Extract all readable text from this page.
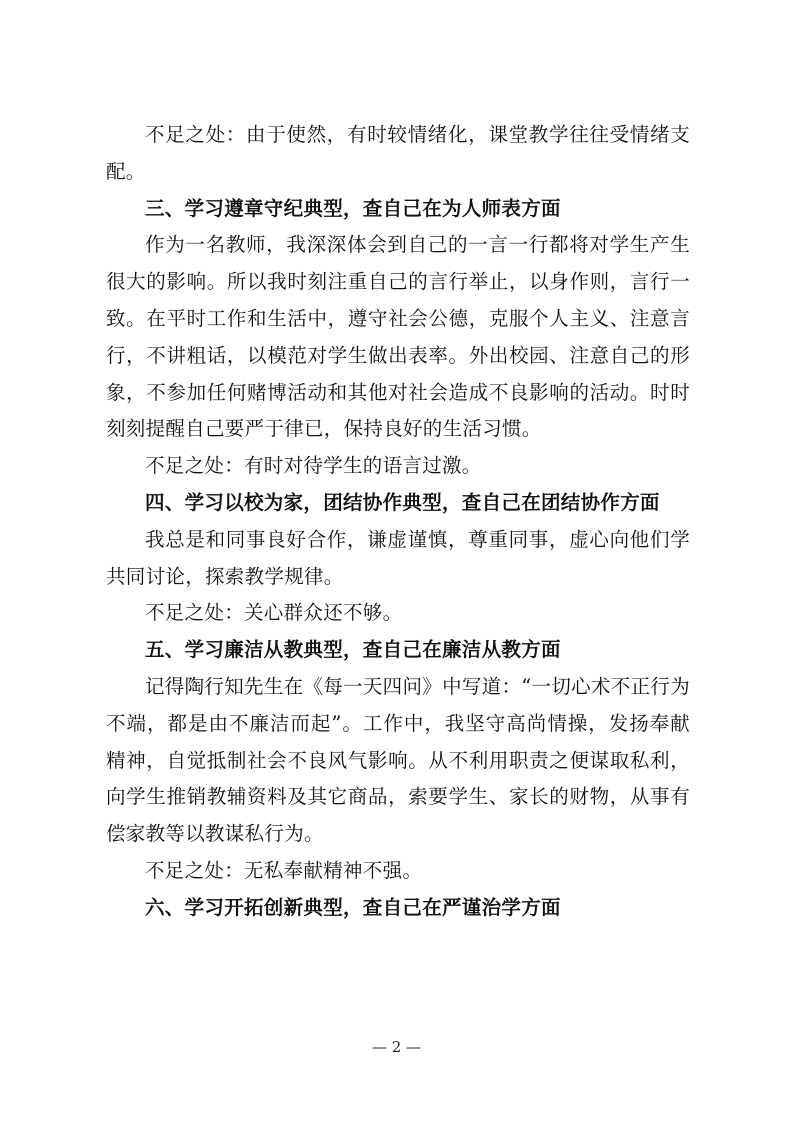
不足之处：由于使然，有时较情绪化，课堂教学往往受情绪支配。

三、学习遵章守纪典型，查自己在为人师表方面

作为一名教师，我深深体会到自己的一言一行都将对学生产生很大的影响。所以我时刻注重自己的言行举止，以身作则，言行一致。在平时工作和生活中，遵守社会公德，克服个人主义、注意言行，不讲粗话，以模范对学生做出表率。外出校园、注意自己的形象，不参加任何赌博活动和其他对社会造成不良影响的活动。时时刻刻提醒自己要严于律已，保持良好的生活习惯。

不足之处：有时对待学生的语言过激。

四、学习以校为家，团结协作典型，查自己在团结协作方面

我总是和同事良好合作，谦虚谨慎，尊重同事，虚心向他们学共同讨论，探索教学规律。

不足之处：关心群众还不够。

五、学习廉洁从教典型，查自己在廉洁从教方面

记得陶行知先生在《每一天四问》中写道：“一切心术不正行为不端，都是由不廉洁而起”。工作中，我坚守高尚情操，发扬奉献精神，自觉抵制社会不良风气影响。从不利用职责之便谋取私利，向学生推销教辅资料及其它商品，索要学生、家长的财物，从事有偿家教等以教谋私行为。

不足之处：无私奉献精神不强。

六、学习开拓创新典型，查自己在严谨治学方面

— 2 —
